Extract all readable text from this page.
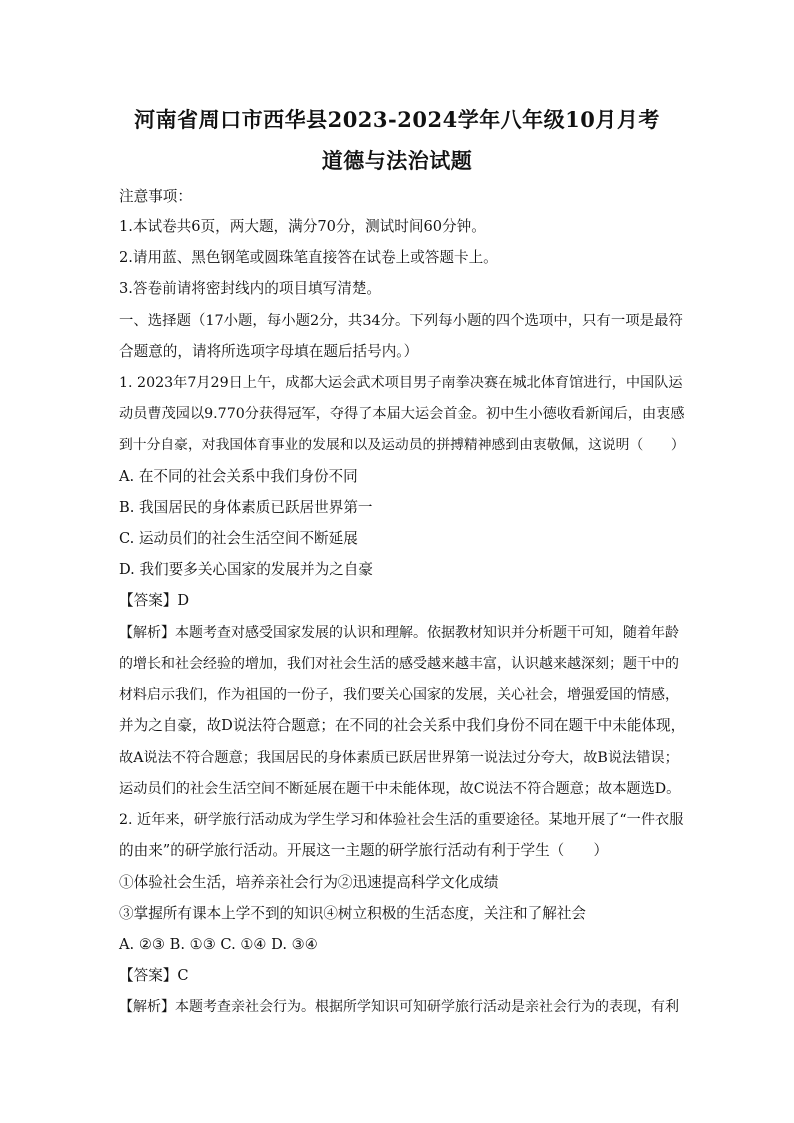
河南省周口市西华县2023-2024学年八年级10月月考
道德与法治试题
注意事项：
1.本试卷共6页，两大题，满分70分，测试时间60分钟。
2.请用蓝、黑色钢笔或圆珠笔直接答在试卷上或答题卡上。
3.答卷前请将密封线内的项目填写清楚。
一、选择题（17小题，每小题2分，共34分。下列每小题的四个选项中，只有一项是最符
合题意的，请将所选项字母填在题后括号内。）
1. 2023年7月29日上午，成都大运会武术项目男子南拳决赛在城北体育馆进行，中国队运
动员曹茂园以9.770分获得冠军，夺得了本届大运会首金。初中生小德收看新闻后，由衷感
到十分自豪，对我国体育事业的发展和以及运动员的拼搏精神感到由衷敬佩，这说明（　　）
A. 在不同的社会关系中我们身份不同
B. 我国居民的身体素质已跃居世界第一
C. 运动员们的社会生活空间不断延展
D. 我们要多关心国家的发展并为之自豪
【答案】D
【解析】本题考查对感受国家发展的认识和理解。依据教材知识并分析题干可知，随着年龄
的增长和社会经验的增加，我们对社会生活的感受越来越丰富，认识越来越深刻；题干中的
材料启示我们，作为祖国的一份子，我们要关心国家的发展，关心社会，增强爱国的情感，
并为之自豪，故D说法符合题意；在不同的社会关系中我们身份不同在题干中未能体现，
故A说法不符合题意；我国居民的身体素质已跃居世界第一说法过分夸大，故B说法错误；
运动员们的社会生活空间不断延展在题干中未能体现，故C说法不符合题意；故本题选D。
2. 近年来，研学旅行活动成为学生学习和体验社会生活的重要途径。某地开展了“一件衣服
的由来”的研学旅行活动。开展这一主题的研学旅行活动有利于学生（　　）
①体验社会生活，培养亲社会行为②迅速提高科学文化成绩
③掌握所有课本上学不到的知识④树立积极的生活态度，关注和了解社会
A. ②③ B. ①③ C. ①④ D. ③④
【答案】C
【解析】本题考查亲社会行为。根据所学知识可知研学旅行活动是亲社会行为的表现，有利
